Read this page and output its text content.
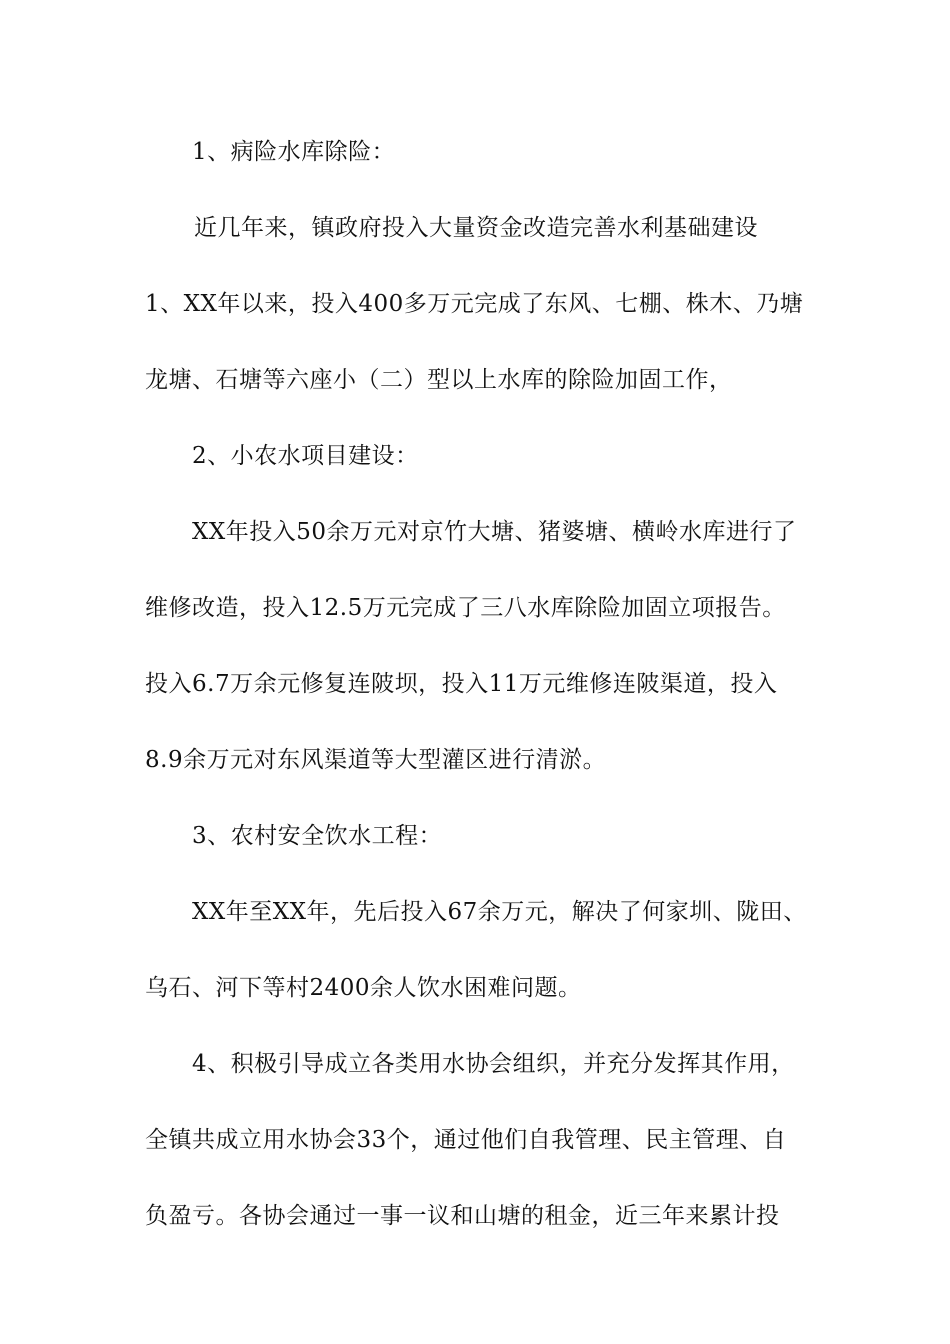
1、病险水库除险：
近几年来，镇政府投入大量资金改造完善水利基础建设
1、XX年以来，投入400多万元完成了东风、七棚、株木、乃塘
龙塘、石塘等六座小（二）型以上水库的除险加固工作，
2、小农水项目建设：
XX年投入50余万元对京竹大塘、猪婆塘、横岭水库进行了
维修改造，投入12.5万元完成了三八水库除险加固立项报告。
投入6.7万余元修复连陂坝，投入11万元维修连陂渠道，投入
8.9余万元对东风渠道等大型灌区进行清淤。
3、农村安全饮水工程：
XX年至XX年，先后投入67余万元，解决了何家圳、陇田、
乌石、河下等村2400余人饮水困难问题。
4、积极引导成立各类用水协会组织，并充分发挥其作用，
全镇共成立用水协会33个，通过他们自我管理、民主管理、自
负盈亏。各协会通过一事一议和山塘的租金，近三年来累计投
